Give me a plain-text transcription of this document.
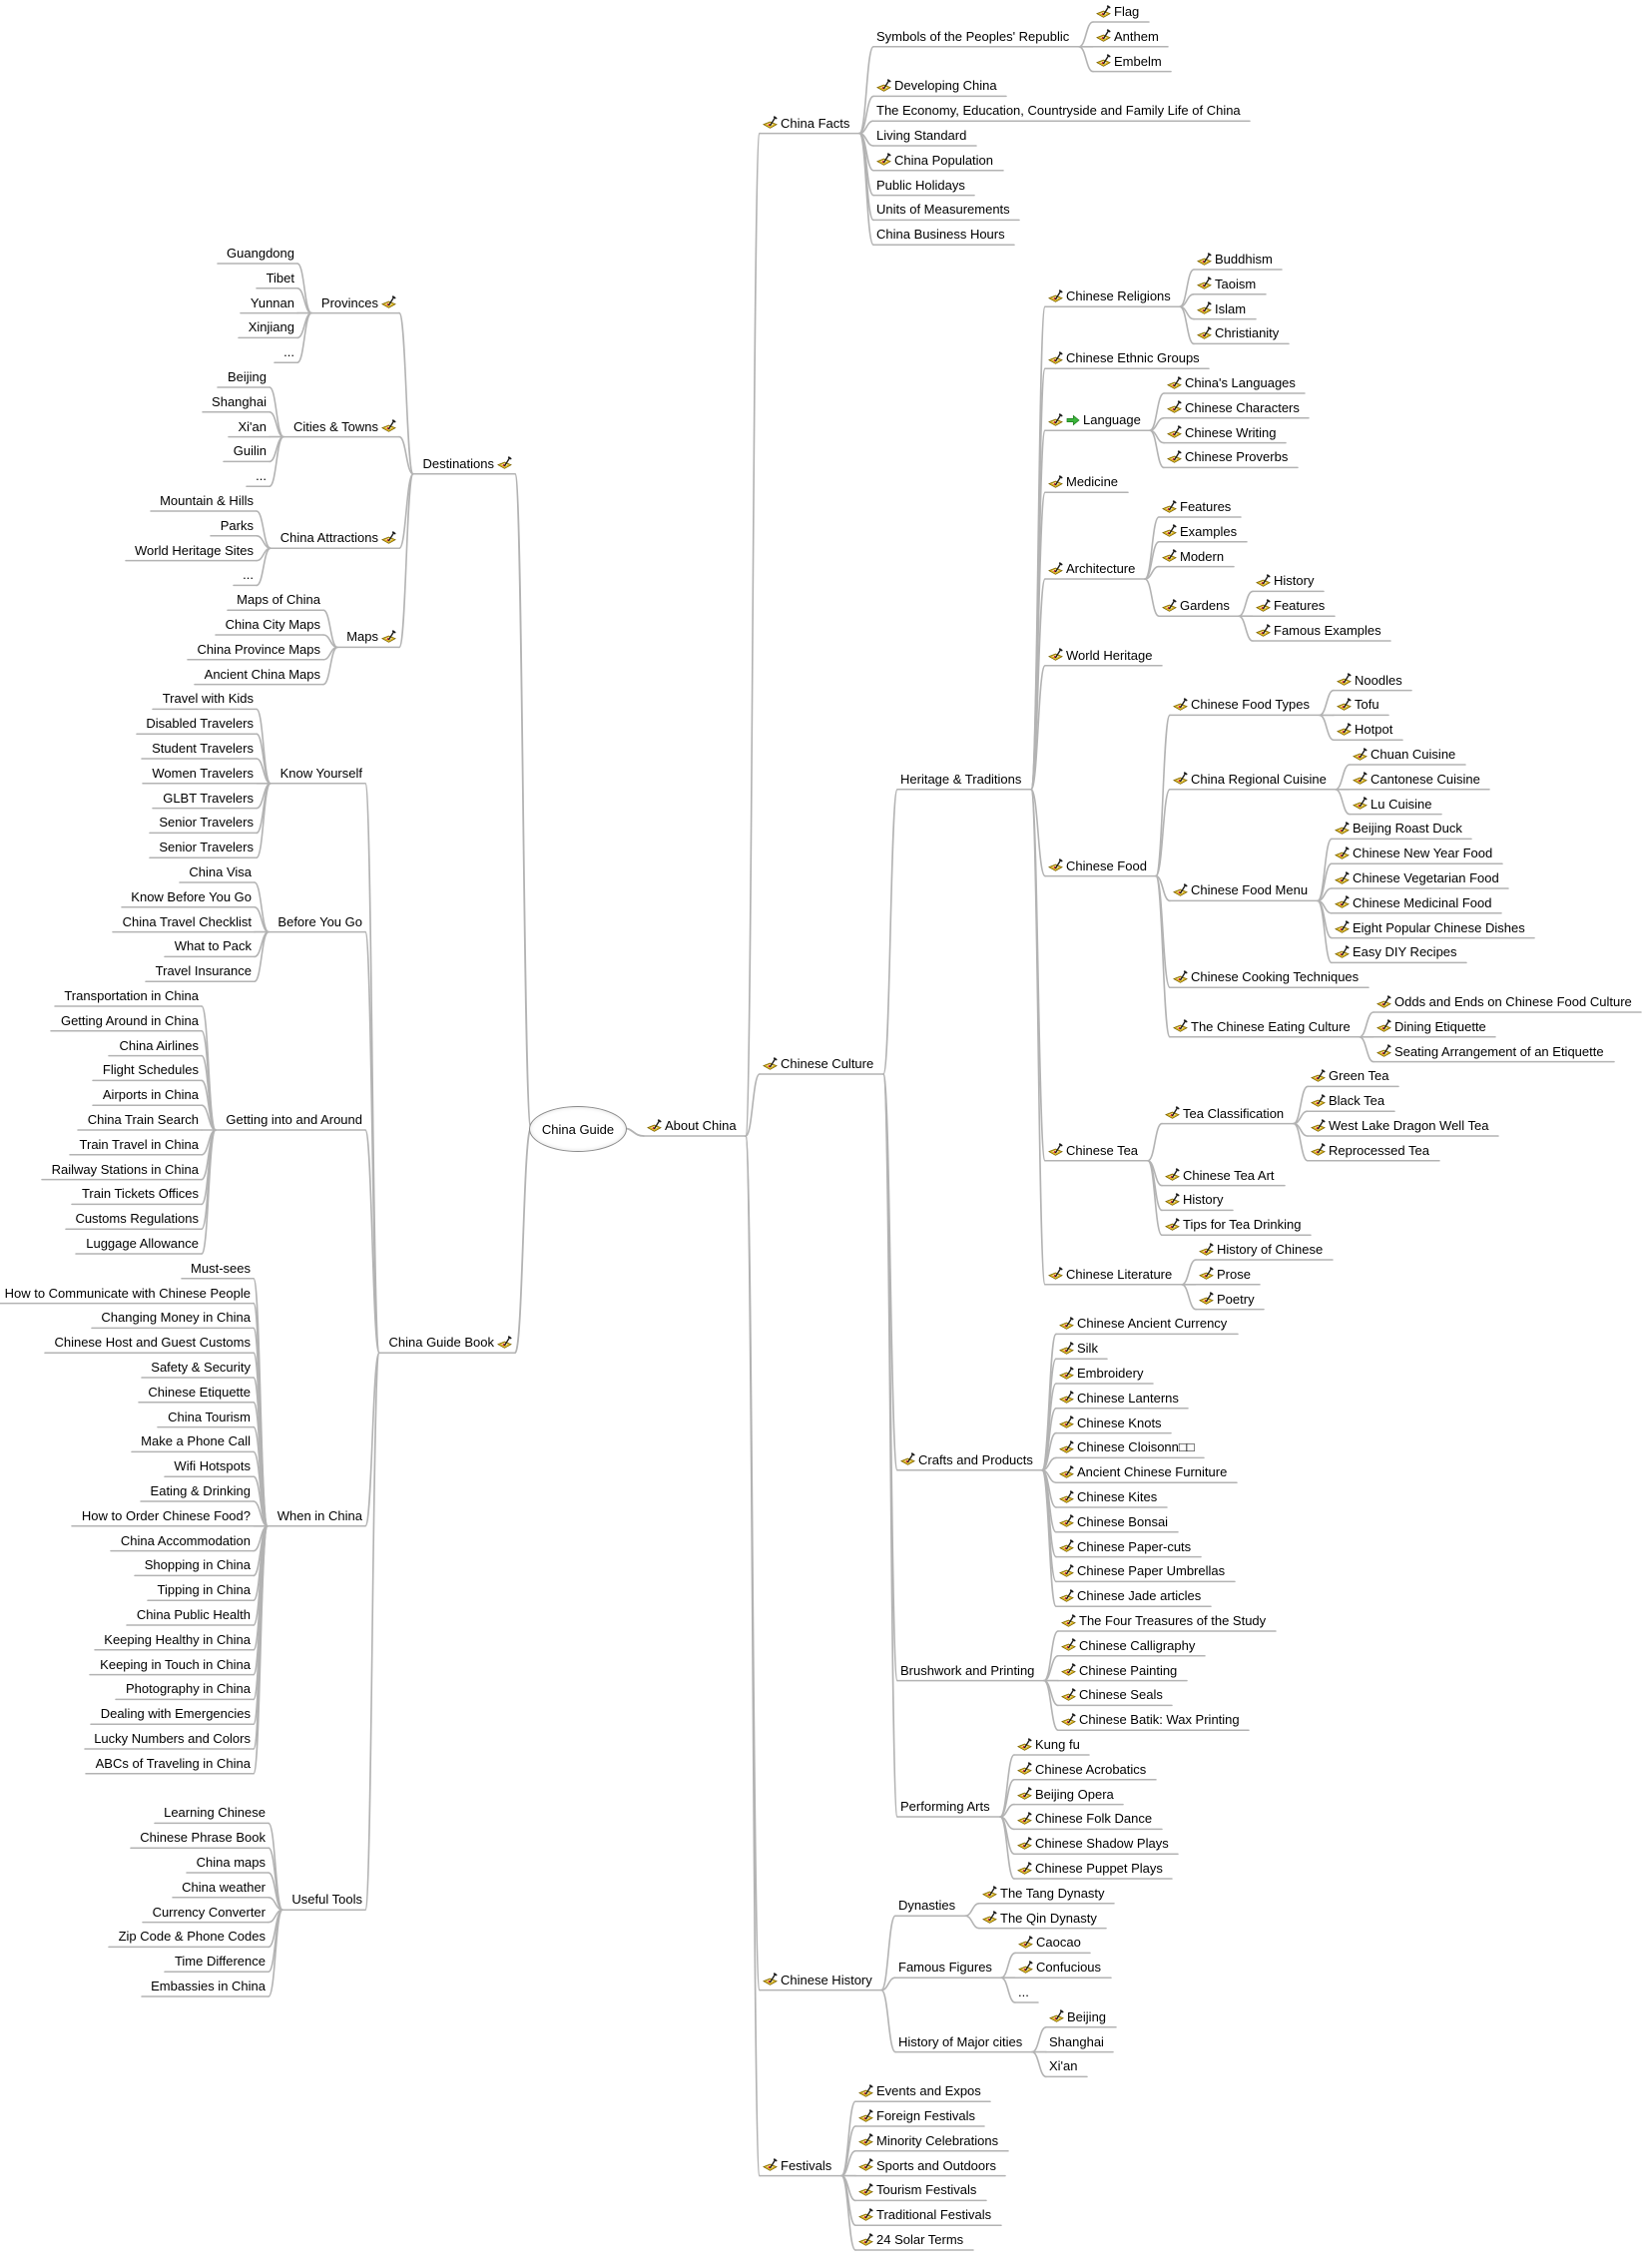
China Guide	About China
China Facts
Symbols of the Peoples' Republic
Flag
Anthem
Embelm
Developing China
The Economy, Education, Countryside and Family Life of China
Living Standard
China Population
Public Holidays
Units of Measurements
China Business Hours
Chinese Culture
Heritage & Traditions
Chinese Religions
Buddhism
Taoism
Islam
Christianity
Chinese Ethnic Groups
Language
China's Languages
Chinese Characters
Chinese Writing
Chinese Proverbs
Medicine
Architecture
Features
Examples
Modern
Gardens
History
Features
Famous Examples
World Heritage
Chinese Food
Chinese Food Types
Noodles
Tofu
Hotpot
China Regional Cuisine
Chuan Cuisine
Cantonese Cuisine
Lu Cuisine
Chinese Food Menu
Beijing Roast Duck
Chinese New Year Food
Chinese Vegetarian Food
Chinese Medicinal Food
Eight Popular Chinese Dishes
Easy DIY Recipes
Chinese Cooking Techniques
The Chinese Eating Culture
Odds and Ends on Chinese Food Culture
Dining Etiquette
Seating Arrangement of an Etiquette
Chinese Tea
Tea Classification
Green Tea
Black Tea
West Lake Dragon Well Tea
Reprocessed Tea
Chinese Tea Art
History
Tips for Tea Drinking
Chinese Literature
History of Chinese
Prose
Poetry
Crafts and Products
Chinese Ancient Currency
Silk
Embroidery
Chinese Lanterns
Chinese Knots
Chinese Cloisonn□□
Ancient Chinese Furniture
Chinese Kites
Chinese Bonsai
Chinese Paper-cuts
Chinese Paper Umbrellas
Chinese Jade articles
Brushwork and Printing
The Four Treasures of the Study
Chinese Calligraphy
Chinese Painting
Chinese Seals
Chinese Batik: Wax Printing
Performing Arts
Kung fu
Chinese Acrobatics
Beijing Opera
Chinese Folk Dance
Chinese Shadow Plays
Chinese Puppet Plays
Chinese History
Dynasties
The Tang Dynasty
The Qin Dynasty
Famous Figures
Caocao
Confucious
...
History of Major cities
Beijing
Shanghai
Xi'an
Festivals
Events and Expos
Foreign Festivals
Minority Celebrations
Sports and Outdoors
Tourism Festivals
Traditional Festivals
24 Solar Terms
Destinations
Provinces
Guangdong
Tibet
Yunnan
Xinjiang
...
Cities & Towns
Beijing
Shanghai
Xi'an
Guilin
...
China Attractions
Mountain & Hills
Parks
World Heritage Sites
...
Maps
Maps of China
China City Maps
China Province Maps
Ancient China Maps
China Guide Book
Know Yourself
Travel with Kids
Disabled Travelers
Student Travelers
Women Travelers
GLBT Travelers
Senior Travelers
Senior Travelers
Before You Go
China Visa
Know Before You Go
China Travel Checklist
What to Pack
Travel Insurance
Getting into and Around
Transportation in China
Getting Around in China
China Airlines
Flight Schedules
Airports in China
China Train Search
Train Travel in China
Railway Stations in China
Train Tickets Offices
Customs Regulations
Luggage Allowance
When in China
Must-sees
How to Communicate with Chinese People
Changing Money in China
Chinese Host and Guest Customs
Safety & Security
Chinese Etiquette
China Tourism
Make a Phone Call
Wifi Hotspots
Eating & Drinking
How to Order Chinese Food?
China Accommodation
Shopping in China
Tipping in China
China Public Health
Keeping Healthy in China
Keeping in Touch in China
Photography in China
Dealing with Emergencies
Lucky Numbers and Colors
ABCs of Traveling in China
Useful Tools
Learning Chinese
Chinese Phrase Book
China maps
China weather
Currency Converter
Zip Code & Phone Codes
Time Difference
Embassies in China
